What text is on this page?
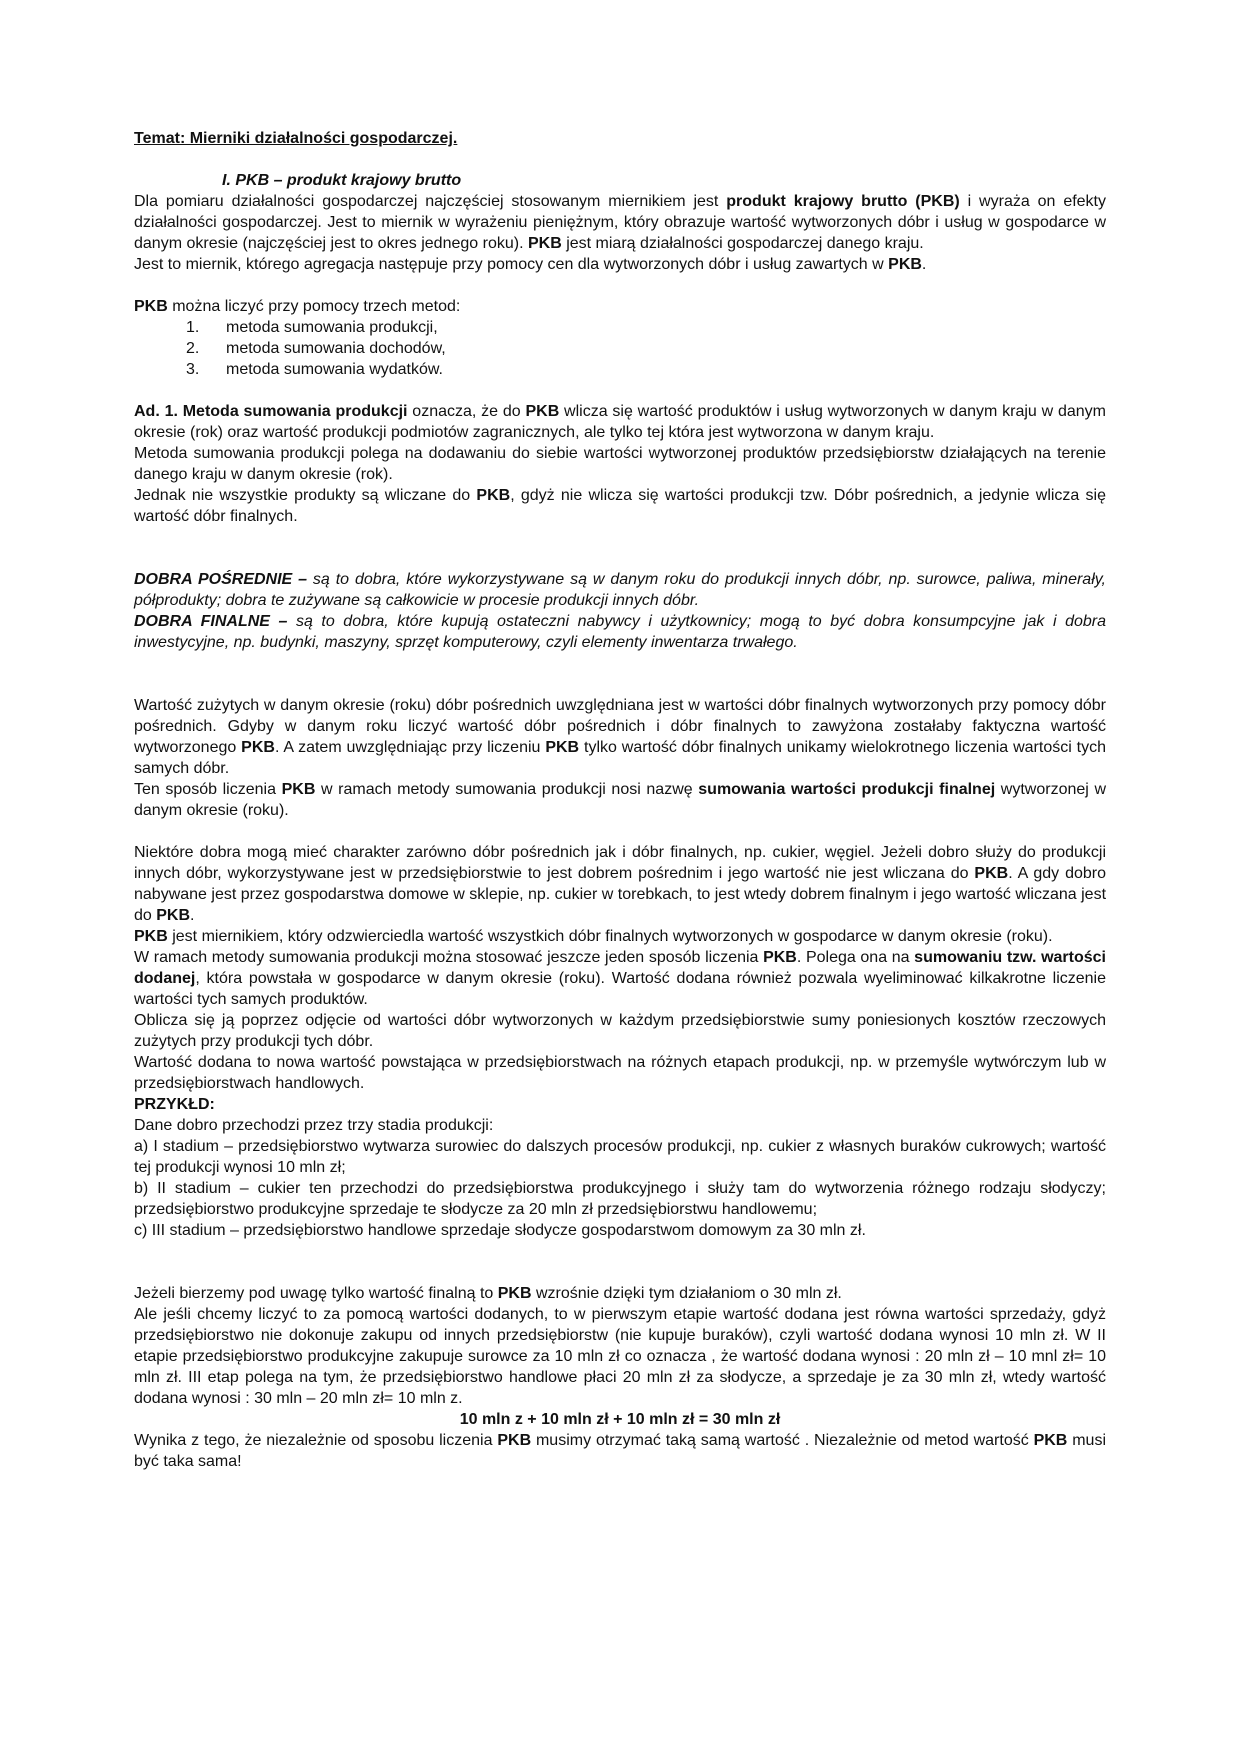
Temat: Mierniki działalności gospodarczej.

I. PKB – produkt krajowy brutto

Dla pomiaru działalności gospodarczej najczęściej stosowanym miernikiem jest produkt krajowy brutto (PKB) i wyraża on efekty działalności gospodarczej. Jest to miernik w wyrażeniu pieniężnym, który obrazuje wartość wytworzonych dóbr i usług w gospodarce w danym okresie (najczęściej jest to okres jednego roku). PKB jest miarą działalności gospodarczej danego kraju.

Jest to miernik, którego agregacja następuje przy pomocy cen dla wytworzonych dóbr i usług zawartych w PKB.

PKB można liczyć przy pomocy trzech metod:

1.	metoda sumowania produkcji,
2.	metoda sumowania dochodów,
3.	metoda sumowania wydatków.

Ad. 1. Metoda sumowania produkcji oznacza, że do PKB wlicza się wartość produktów i usług wytworzonych w danym kraju w danym okresie (rok) oraz wartość produkcji podmiotów zagranicznych, ale tylko tej która jest wytworzona w danym kraju.

Metoda sumowania produkcji polega na dodawaniu do siebie wartości wytworzonej produktów przedsiębiorstw działających na terenie danego kraju w danym okresie (rok).

Jednak nie wszystkie produkty są wliczane do PKB, gdyż nie wlicza się wartości produkcji tzw. Dóbr pośrednich, a jedynie wlicza się wartość dóbr finalnych.

DOBRA POŚREDNIE – są to dobra, które wykorzystywane są w danym roku do produkcji innych dóbr, np. surowce, paliwa, minerały, półprodukty; dobra te zużywane są całkowicie w procesie produkcji innych dóbr.

DOBRA FINALNE – są to dobra, które kupują ostateczni nabywcy i użytkownicy; mogą to być dobra konsumpcyjne jak i dobra inwestycyjne, np. budynki, maszyny, sprzęt komputerowy, czyli elementy inwentarza trwałego.

Wartość zużytych w danym okresie (roku) dóbr pośrednich uwzględniana jest w wartości dóbr finalnych wytworzonych przy pomocy dóbr pośrednich. Gdyby w danym roku liczyć wartość dóbr pośrednich i dóbr finalnych to zawyżona zostałaby faktyczna wartość wytworzonego PKB. A zatem uwzględniając przy liczeniu PKB tylko wartość dóbr finalnych unikamy wielokrotnego liczenia wartości tych samych dóbr.

Ten sposób liczenia PKB w ramach metody sumowania produkcji nosi nazwę sumowania wartości produkcji finalnej wytworzonej w danym okresie (roku).

Niektóre dobra mogą mieć charakter zarówno dóbr pośrednich jak i dóbr finalnych, np. cukier, węgiel. Jeżeli dobro służy do produkcji innych dóbr, wykorzystywane jest w przedsiębiorstwie to jest dobrem pośrednim i jego wartość nie jest wliczana do PKB. A gdy dobro nabywane jest przez gospodarstwa domowe w sklepie, np. cukier w torebkach, to jest wtedy dobrem finalnym i jego wartość wliczana jest do PKB.

PKB jest miernikiem, który odzwierciedla wartość wszystkich dóbr finalnych wytworzonych w gospodarce w danym okresie (roku).

W ramach metody sumowania produkcji można stosować jeszcze jeden sposób liczenia PKB. Polega ona na sumowaniu tzw. wartości dodanej, która powstała w gospodarce w danym okresie (roku). Wartość dodana również pozwala wyeliminować kilkakrotne liczenie wartości tych samych produktów.

Oblicza się ją poprzez odjęcie od wartości dóbr wytworzonych w każdym przedsiębiorstwie sumy poniesionych kosztów rzeczowych zużytych przy produkcji tych dóbr.

Wartość dodana to nowa wartość powstająca w przedsiębiorstwach na różnych etapach produkcji, np. w przemyśle wytwórczym lub w przedsiębiorstwach handlowych.

PRZYKŁD:

Dane dobro przechodzi przez trzy stadia produkcji:

a) I stadium – przedsiębiorstwo wytwarza surowiec do dalszych procesów produkcji, np. cukier z własnych buraków cukrowych; wartość tej produkcji wynosi 10 mln zł;

b) II stadium – cukier ten przechodzi do przedsiębiorstwa produkcyjnego i służy tam do wytworzenia różnego rodzaju słodyczy; przedsiębiorstwo produkcyjne sprzedaje te słodycze za 20 mln zł przedsiębiorstwu handlowemu;

c) III stadium – przedsiębiorstwo handlowe sprzedaje słodycze gospodarstwom domowym za 30 mln zł.

Jeżeli bierzemy pod uwagę tylko wartość finalną to PKB wzrośnie dzięki tym działaniom o 30 mln zł.

Ale jeśli chcemy liczyć to za pomocą wartości dodanych, to w pierwszym etapie wartość dodana jest równa wartości sprzedaży, gdyż przedsiębiorstwo nie dokonuje zakupu od innych przedsiębiorstw (nie kupuje buraków), czyli wartość dodana wynosi 10 mln zł. W II etapie przedsiębiorstwo produkcyjne zakupuje surowce za 10 mln zł co oznacza , że wartość dodana wynosi : 20 mln zł – 10 mnl zł= 10 mln zł. III etap polega na tym, że przedsiębiorstwo handlowe płaci 20 mln zł za słodycze, a sprzedaje je za 30 mln zł, wtedy wartość dodana wynosi : 30 mln – 20 mln zł= 10 mln z.

10 mln z + 10 mln zł + 10 mln zł = 30 mln zł

Wynika z tego, że niezależnie od sposobu liczenia PKB musimy otrzymać taką samą wartość . Niezależnie od metod wartość PKB musi być taka sama!
